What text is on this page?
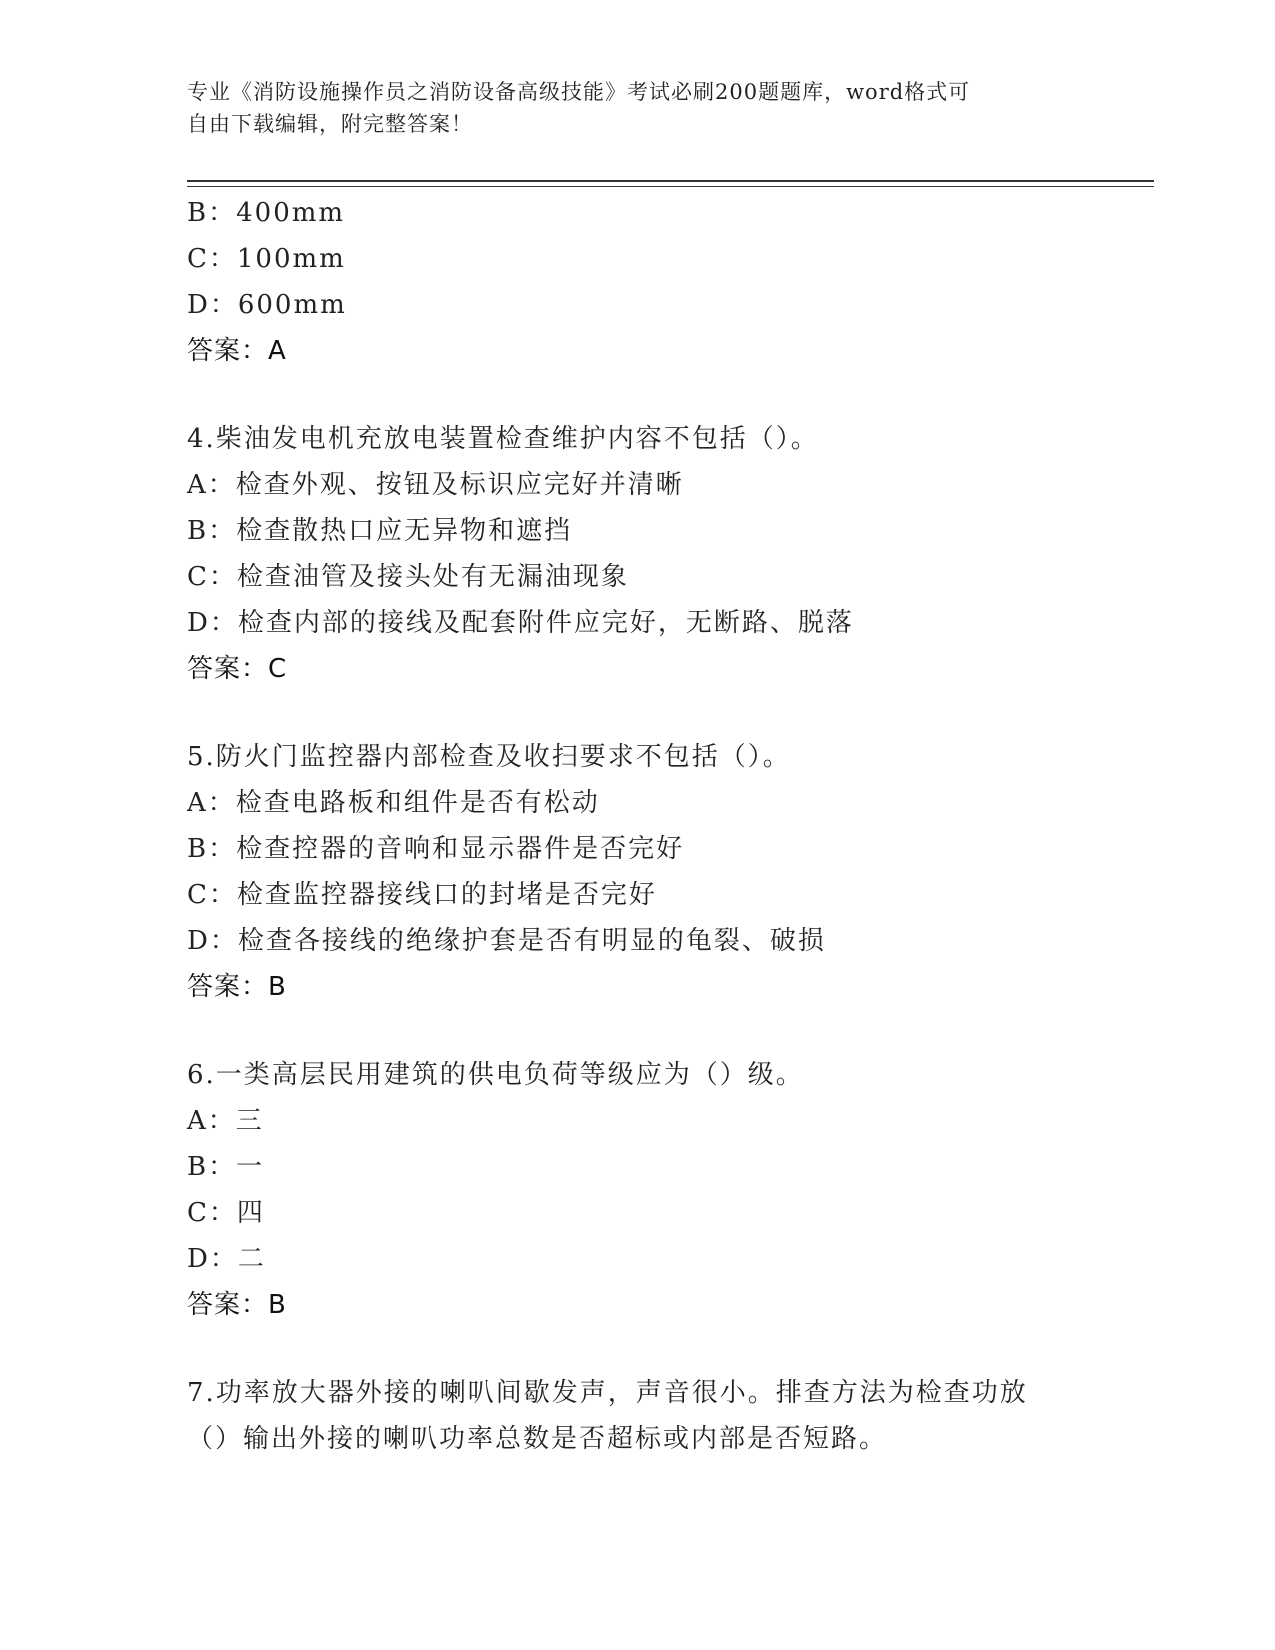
专业《消防设施操作员之消防设备高级技能》考试必刷200题题库，word格式可
自由下载编辑，附完整答案！
B：400mm
C：100mm
D：600mm
答案：A
4.柴油发电机充放电装置检查维护内容不包括（）。
A：检查外观、按钮及标识应完好并清晰
B：检查散热口应无异物和遮挡
C：检查油管及接头处有无漏油现象
D：检查内部的接线及配套附件应完好，无断路、脱落
答案：C
5.防火门监控器内部检查及收扫要求不包括（）。
A：检查电路板和组件是否有松动
B：检查控器的音响和显示器件是否完好
C：检查监控器接线口的封堵是否完好
D：检查各接线的绝缘护套是否有明显的龟裂、破损
答案：B
6.一类高层民用建筑的供电负荷等级应为（）级。
A：三
B：一
C：四
D：二
答案：B
7.功率放大器外接的喇叭间歇发声，声音很小。排查方法为检查功放
（）输出外接的喇叭功率总数是否超标或内部是否短路。
